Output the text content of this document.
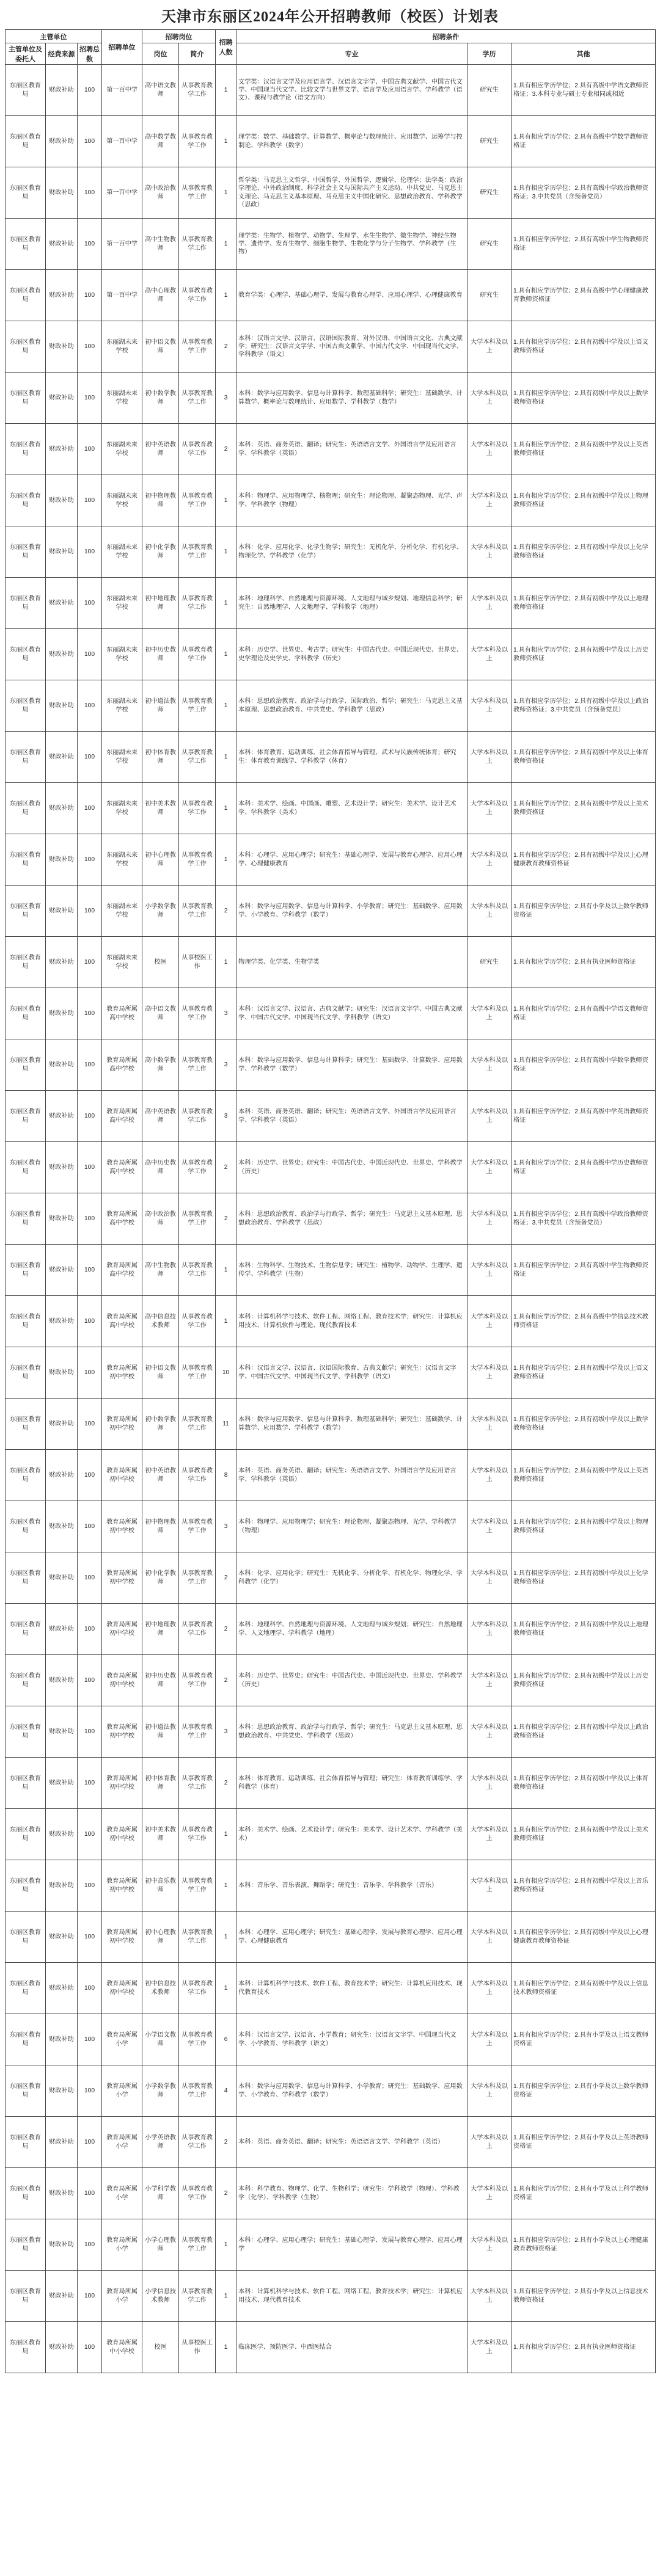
天津市东丽区2024年公开招聘教师（校医）计划表
主管单位			招聘单位	招聘岗位		招聘人数	招聘条件		
主管单位及委托人	经费来源	招聘总数		岗位	简介		专业	学历	其他
东丽区教育局	财政补助	100	第一百中学	高中语文教师	从事教育教学工作	1	文学类：汉语言文学及应用语言学、汉语言文字学、中国古典文献学、中国古代文学、中国现当代文学、比较文学与世界文学、语言学及应用语言学、学科教学（语文）、课程与教学论（语文方向）	研究生	1.具有相应学历学位；2.具有高级中学语文教师资格证；3.本科专业与硕士专业相同或相近
东丽区教育局	财政补助	100	第一百中学	高中数学教师	从事教育教学工作	1	理学类：数学、基础数学、计算数学、概率论与数理统计、应用数学、运筹学与控制论、学科教学（数学）	研究生	1.具有相应学历学位；2.具有高级中学数学教师资格证
东丽区教育局	财政补助	100	第一百中学	高中政治教师	从事教育教学工作	1	哲学类：马克思主义哲学、中国哲学、外国哲学、逻辑学、伦理学；法学类：政治学理论、中外政治制度、科学社会主义与国际共产主义运动、中共党史、马克思主义理论、马克思主义基本原理、马克思主义中国化研究、思想政治教育、学科教学（思政）	研究生	1.具有相应学历学位；2.具有高级中学政治教师资格证；3.中共党员（含预备党员）
东丽区教育局	财政补助	100	第一百中学	高中生物教师	从事教育教学工作	1	理学类：生物学、植物学、动物学、生理学、水生生物学、微生物学、神经生物学、遗传学、发育生物学、细胞生物学、生物化学与分子生物学、学科教学（生物）	研究生	1.具有相应学历学位；2.具有高级中学生物教师资格证
东丽区教育局	财政补助	100	第一百中学	高中心理教师	从事教育教学工作	1	教育学类：心理学、基础心理学、发展与教育心理学、应用心理学、心理健康教育	研究生	1.具有相应学历学位；2.具有高级中学心理健康教育教师资格证
东丽区教育局	财政补助	100	东丽湖未来学校	初中语文教师	从事教育教学工作	2	本科：汉语言文学、汉语言、汉语国际教育、对外汉语、中国语言文化、古典文献学；研究生：汉语言文字学、中国古典文献学、中国古代文学、中国现当代文学、学科教学（语文）	大学本科及以上	1.具有相应学历学位；2.具有初级中学及以上语文教师资格证
东丽区教育局	财政补助	100	东丽湖未来学校	初中数学教师	从事教育教学工作	3	本科：数学与应用数学、信息与计算科学、数理基础科学；研究生：基础数学、计算数学、概率论与数理统计、应用数学、学科教学（数学）	大学本科及以上	1.具有相应学历学位；2.具有初级中学及以上数学教师资格证
东丽区教育局	财政补助	100	东丽湖未来学校	初中英语教师	从事教育教学工作	2	本科：英语、商务英语、翻译；研究生：英语语言文学、外国语言学及应用语言学、学科教学（英语）	大学本科及以上	1.具有相应学历学位；2.具有初级中学及以上英语教师资格证
东丽区教育局	财政补助	100	东丽湖未来学校	初中物理教师	从事教育教学工作	1	本科：物理学、应用物理学、核物理；研究生：理论物理、凝聚态物理、光学、声学、学科教学（物理）	大学本科及以上	1.具有相应学历学位；2.具有初级中学及以上物理教师资格证
东丽区教育局	财政补助	100	东丽湖未来学校	初中化学教师	从事教育教学工作	1	本科：化学、应用化学、化学生物学；研究生：无机化学、分析化学、有机化学、物理化学、学科教学（化学）	大学本科及以上	1.具有相应学历学位；2.具有初级中学及以上化学教师资格证
东丽区教育局	财政补助	100	东丽湖未来学校	初中地理教师	从事教育教学工作	1	本科：地理科学、自然地理与资源环境、人文地理与城乡规划、地理信息科学；研究生：自然地理学、人文地理学、学科教学（地理）	大学本科及以上	1.具有相应学历学位；2.具有初级中学及以上地理教师资格证
东丽区教育局	财政补助	100	东丽湖未来学校	初中历史教师	从事教育教学工作	1	本科：历史学、世界史、考古学；研究生：中国古代史、中国近现代史、世界史、史学理论及史学史、学科教学（历史）	大学本科及以上	1.具有相应学历学位；2.具有初级中学及以上历史教师资格证
东丽区教育局	财政补助	100	东丽湖未来学校	初中道法教师	从事教育教学工作	1	本科：思想政治教育、政治学与行政学、国际政治、哲学；研究生：马克思主义基本原理、思想政治教育、中共党史、学科教学（思政）	大学本科及以上	1.具有相应学历学位；2.具有初级中学及以上政治教师资格证；3.中共党员（含预备党员）
东丽区教育局	财政补助	100	东丽湖未来学校	初中体育教师	从事教育教学工作	1	本科：体育教育、运动训练、社会体育指导与管理、武术与民族传统体育；研究生：体育教育训练学、学科教学（体育）	大学本科及以上	1.具有相应学历学位；2.具有初级中学及以上体育教师资格证
东丽区教育局	财政补助	100	东丽湖未来学校	初中美术教师	从事教育教学工作	1	本科：美术学、绘画、中国画、雕塑、艺术设计学；研究生：美术学、设计艺术学、学科教学（美术）	大学本科及以上	1.具有相应学历学位；2.具有初级中学及以上美术教师资格证
东丽区教育局	财政补助	100	东丽湖未来学校	初中心理教师	从事教育教学工作	1	本科：心理学、应用心理学；研究生：基础心理学、发展与教育心理学、应用心理学、心理健康教育	大学本科及以上	1.具有相应学历学位；2.具有初级中学及以上心理健康教育教师资格证
东丽区教育局	财政补助	100	东丽湖未来学校	小学数学教师	从事教育教学工作	2	本科：数学与应用数学、信息与计算科学、小学教育；研究生：基础数学、应用数学、小学教育、学科教学（数学）	大学本科及以上	1.具有相应学历学位；2.具有小学及以上数学教师资格证
东丽区教育局	财政补助	100	东丽湖未来学校	校医	从事校医工作	1	物理学类、化学类、生物学类	研究生	1.具有相应学历学位；2.具有执业医师资格证
东丽区教育局	财政补助	100	教育局所属高中学校	高中语文教师	从事教育教学工作	3	本科：汉语言文学、汉语言、古典文献学；研究生：汉语言文字学、中国古典文献学、中国古代文学、中国现当代文学、学科教学（语文）	大学本科及以上	1.具有相应学历学位；2.具有高级中学语文教师资格证
东丽区教育局	财政补助	100	教育局所属高中学校	高中数学教师	从事教育教学工作	3	本科：数学与应用数学、信息与计算科学；研究生：基础数学、计算数学、应用数学、学科教学（数学）	大学本科及以上	1.具有相应学历学位；2.具有高级中学数学教师资格证
东丽区教育局	财政补助	100	教育局所属高中学校	高中英语教师	从事教育教学工作	3	本科：英语、商务英语、翻译；研究生：英语语言文学、外国语言学及应用语言学、学科教学（英语）	大学本科及以上	1.具有相应学历学位；2.具有高级中学英语教师资格证
东丽区教育局	财政补助	100	教育局所属高中学校	高中历史教师	从事教育教学工作	2	本科：历史学、世界史；研究生：中国古代史、中国近现代史、世界史、学科教学（历史）	大学本科及以上	1.具有相应学历学位；2.具有高级中学历史教师资格证
东丽区教育局	财政补助	100	教育局所属高中学校	高中政治教师	从事教育教学工作	2	本科：思想政治教育、政治学与行政学、哲学；研究生：马克思主义基本原理、思想政治教育、学科教学（思政）	大学本科及以上	1.具有相应学历学位；2.具有高级中学政治教师资格证；3.中共党员（含预备党员）
东丽区教育局	财政补助	100	教育局所属高中学校	高中生物教师	从事教育教学工作	1	本科：生物科学、生物技术、生物信息学；研究生：植物学、动物学、生理学、遗传学、学科教学（生物）	大学本科及以上	1.具有相应学历学位；2.具有高级中学生物教师资格证
东丽区教育局	财政补助	100	教育局所属高中学校	高中信息技术教师	从事教育教学工作	1	本科：计算机科学与技术、软件工程、网络工程、教育技术学；研究生：计算机应用技术、计算机软件与理论、现代教育技术	大学本科及以上	1.具有相应学历学位；2.具有高级中学信息技术教师资格证
东丽区教育局	财政补助	100	教育局所属初中学校	初中语文教师	从事教育教学工作	10	本科：汉语言文学、汉语言、汉语国际教育、古典文献学；研究生：汉语言文字学、中国古代文学、中国现当代文学、学科教学（语文）	大学本科及以上	1.具有相应学历学位；2.具有初级中学及以上语文教师资格证
东丽区教育局	财政补助	100	教育局所属初中学校	初中数学教师	从事教育教学工作	11	本科：数学与应用数学、信息与计算科学、数理基础科学；研究生：基础数学、计算数学、应用数学、学科教学（数学）	大学本科及以上	1.具有相应学历学位；2.具有初级中学及以上数学教师资格证
东丽区教育局	财政补助	100	教育局所属初中学校	初中英语教师	从事教育教学工作	8	本科：英语、商务英语、翻译；研究生：英语语言文学、外国语言学及应用语言学、学科教学（英语）	大学本科及以上	1.具有相应学历学位；2.具有初级中学及以上英语教师资格证
东丽区教育局	财政补助	100	教育局所属初中学校	初中物理教师	从事教育教学工作	3	本科：物理学、应用物理学；研究生：理论物理、凝聚态物理、光学、学科教学（物理）	大学本科及以上	1.具有相应学历学位；2.具有初级中学及以上物理教师资格证
东丽区教育局	财政补助	100	教育局所属初中学校	初中化学教师	从事教育教学工作	2	本科：化学、应用化学；研究生：无机化学、分析化学、有机化学、物理化学、学科教学（化学）	大学本科及以上	1.具有相应学历学位；2.具有初级中学及以上化学教师资格证
东丽区教育局	财政补助	100	教育局所属初中学校	初中地理教师	从事教育教学工作	2	本科：地理科学、自然地理与资源环境、人文地理与城乡规划；研究生：自然地理学、人文地理学、学科教学（地理）	大学本科及以上	1.具有相应学历学位；2.具有初级中学及以上地理教师资格证
东丽区教育局	财政补助	100	教育局所属初中学校	初中历史教师	从事教育教学工作	2	本科：历史学、世界史；研究生：中国古代史、中国近现代史、世界史、学科教学（历史）	大学本科及以上	1.具有相应学历学位；2.具有初级中学及以上历史教师资格证
东丽区教育局	财政补助	100	教育局所属初中学校	初中道法教师	从事教育教学工作	3	本科：思想政治教育、政治学与行政学、哲学；研究生：马克思主义基本原理、思想政治教育、中共党史、学科教学（思政）	大学本科及以上	1.具有相应学历学位；2.具有初级中学及以上政治教师资格证
东丽区教育局	财政补助	100	教育局所属初中学校	初中体育教师	从事教育教学工作	2	本科：体育教育、运动训练、社会体育指导与管理；研究生：体育教育训练学、学科教学（体育）	大学本科及以上	1.具有相应学历学位；2.具有初级中学及以上体育教师资格证
东丽区教育局	财政补助	100	教育局所属初中学校	初中美术教师	从事教育教学工作	1	本科：美术学、绘画、艺术设计学；研究生：美术学、设计艺术学、学科教学（美术）	大学本科及以上	1.具有相应学历学位；2.具有初级中学及以上美术教师资格证
东丽区教育局	财政补助	100	教育局所属初中学校	初中音乐教师	从事教育教学工作	1	本科：音乐学、音乐表演、舞蹈学；研究生：音乐学、学科教学（音乐）	大学本科及以上	1.具有相应学历学位；2.具有初级中学及以上音乐教师资格证
东丽区教育局	财政补助	100	教育局所属初中学校	初中心理教师	从事教育教学工作	1	本科：心理学、应用心理学；研究生：基础心理学、发展与教育心理学、应用心理学、心理健康教育	大学本科及以上	1.具有相应学历学位；2.具有初级中学及以上心理健康教育教师资格证
东丽区教育局	财政补助	100	教育局所属初中学校	初中信息技术教师	从事教育教学工作	1	本科：计算机科学与技术、软件工程、教育技术学；研究生：计算机应用技术、现代教育技术	大学本科及以上	1.具有相应学历学位；2.具有初级中学及以上信息技术教师资格证
东丽区教育局	财政补助	100	教育局所属小学	小学语文教师	从事教育教学工作	6	本科：汉语言文学、汉语言、小学教育；研究生：汉语言文字学、中国现当代文学、小学教育、学科教学（语文）	大学本科及以上	1.具有相应学历学位；2.具有小学及以上语文教师资格证
东丽区教育局	财政补助	100	教育局所属小学	小学数学教师	从事教育教学工作	4	本科：数学与应用数学、信息与计算科学、小学教育；研究生：基础数学、应用数学、小学教育、学科教学（数学）	大学本科及以上	1.具有相应学历学位；2.具有小学及以上数学教师资格证
东丽区教育局	财政补助	100	教育局所属小学	小学英语教师	从事教育教学工作	2	本科：英语、商务英语、翻译；研究生：英语语言文学、学科教学（英语）	大学本科及以上	1.具有相应学历学位；2.具有小学及以上英语教师资格证
东丽区教育局	财政补助	100	教育局所属小学	小学科学教师	从事教育教学工作	2	本科：科学教育、物理学、化学、生物科学；研究生：学科教学（物理）、学科教学（化学）、学科教学（生物）	大学本科及以上	1.具有相应学历学位；2.具有小学及以上科学教师资格证
东丽区教育局	财政补助	100	教育局所属小学	小学心理教师	从事教育教学工作	1	本科：心理学、应用心理学；研究生：基础心理学、发展与教育心理学、应用心理学	大学本科及以上	1.具有相应学历学位；2.具有小学及以上心理健康教育教师资格证
东丽区教育局	财政补助	100	教育局所属小学	小学信息技术教师	从事教育教学工作	1	本科：计算机科学与技术、软件工程、网络工程、教育技术学；研究生：计算机应用技术、现代教育技术	大学本科及以上	1.具有相应学历学位；2.具有小学及以上信息技术教师资格证
东丽区教育局	财政补助	100	教育局所属中小学校	校医	从事校医工作	1	临床医学、预防医学、中西医结合	大学本科及以上	1.具有相应学历学位；2.具有执业医师资格证
